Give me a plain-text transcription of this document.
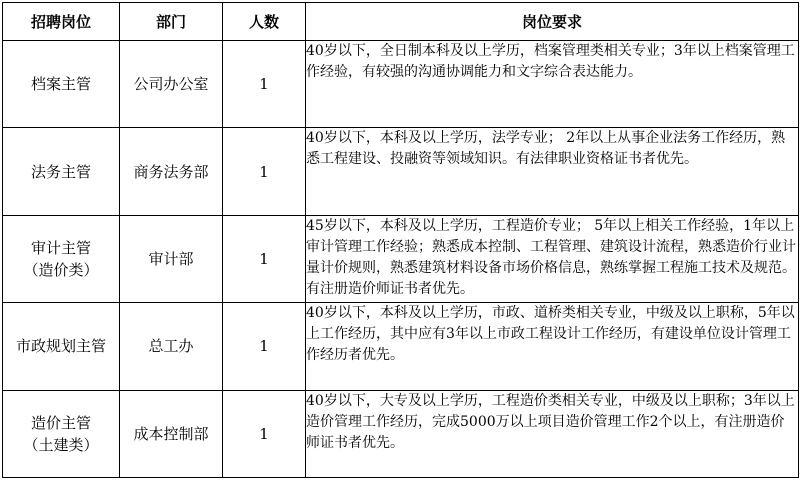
招聘岗位	部门	人数	岗位要求

档案主管	公司办公室	1	40岁以下，全日制本科及以上学历，档案管理类相关专业；3年以上档案管理工作经验，有较强的沟通协调能力和文字综合表达能力。

法务主管	商务法务部	1	40岁以下，本科及以上学历，法学专业； 2年以上从事企业法务工作经历，熟悉工程建设、投融资等领域知识。有法律职业资格证书者优先。

审计主管
（造价类）	审计部	1	45岁以下，本科及以上学历，工程造价专业； 5年以上相关工作经验，1年以上审计管理工作经验；熟悉成本控制、工程管理、建筑设计流程，熟悉造价行业计量计价规则，熟悉建筑材料设备市场价格信息，熟练掌握工程施工技术及规范。有注册造价师证书者优先。

市政规划主管	总工办	1	40岁以下，本科及以上学历，市政、道桥类相关专业，中级及以上职称，5年以上工作经历，其中应有3年以上市政工程设计工作经历，有建设单位设计管理工作经历者优先。

造价主管
（土建类）	成本控制部	1	40岁以下，大专及以上学历，工程造价类相关专业，中级及以上职称；3年以上造价管理工作经历，完成5000万以上项目造价管理工作2个以上，有注册造价师证书者优先。
